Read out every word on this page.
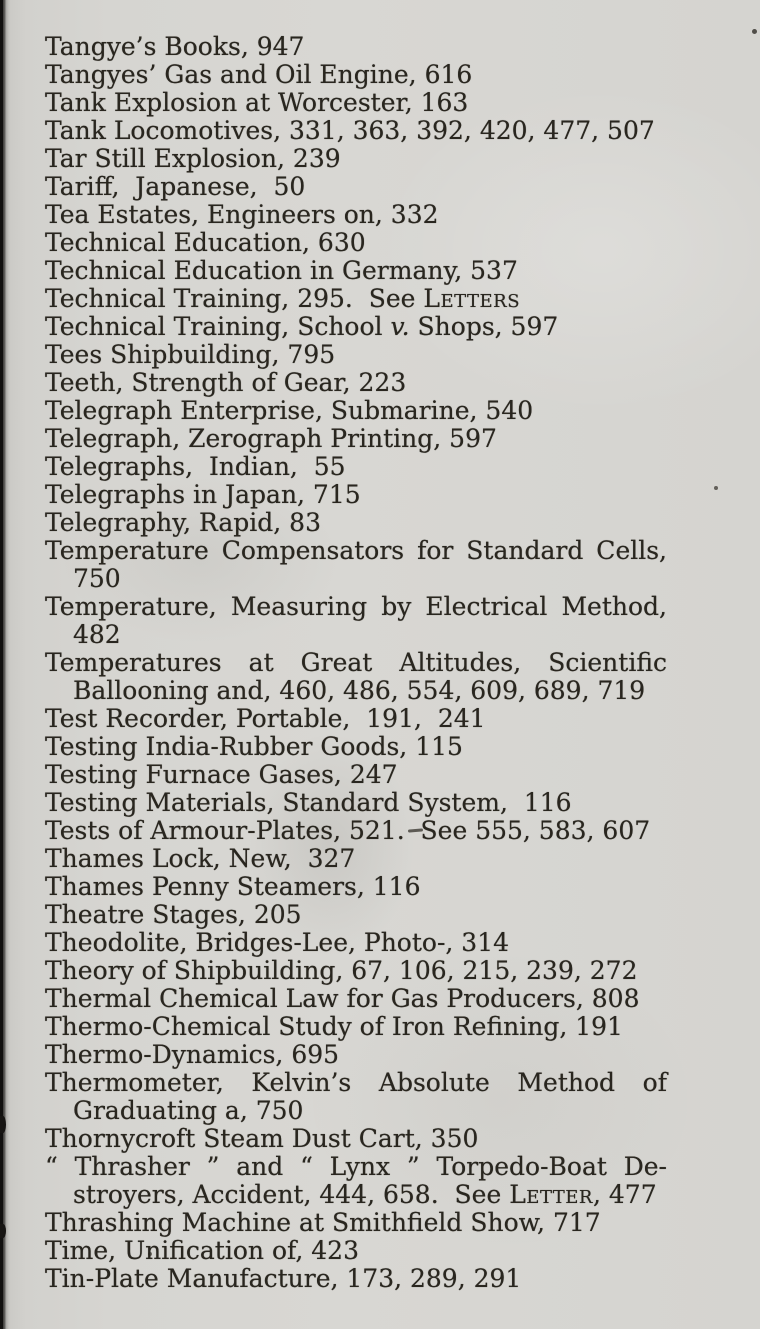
Tangye’s Books, 947

Tangyes’ Gas and Oil Engine, 616

Tank Explosion at Worcester, 163

Tank Locomotives, 331, 363, 392, 420, 477, 507

Tar Still Explosion, 239

Tariff,  Japanese,  50

Tea Estates, Engineers on, 332

Technical Education, 630

Technical Education in Germany, 537

Technical Training, 295.  See Letters

Technical Training, School v. Shops, 597

Tees Shipbuilding, 795

Teeth, Strength of Gear, 223

Telegraph Enterprise, Submarine, 540

Telegraph, Zerograph Printing, 597

Telegraphs,  Indian,  55

Telegraphs in Japan, 715

Telegraphy, Rapid, 83

Temperature Compensators for Standard Cells,
750

Temperature, Measuring by Electrical Method,
482

Temperatures at Great Altitudes, Scientific
Ballooning and, 460, 486, 554, 609, 689, 719

Test Recorder, Portable,  191,  241

Testing India-Rubber Goods, 115

Testing Furnace Gases, 247

Testing Materials, Standard System,  116

Tests of Armour-Plates, 521.  See 555, 583, 607

Thames Lock, New,  327

Thames Penny Steamers, 116

Theatre Stages, 205

Theodolite, Bridges-Lee, Photo-, 314

Theory of Shipbuilding, 67, 106, 215, 239, 272

Thermal Chemical Law for Gas Producers, 808

Thermo-Chemical Study of Iron Refining, 191

Thermo-Dynamics, 695

Thermometer, Kelvin’s Absolute Method of
Graduating a, 750

Thornycroft Steam Dust Cart, 350

“ Thrasher ” and “ Lynx ” Torpedo-Boat De-
stroyers, Accident, 444, 658.  See Letter, 477

Thrashing Machine at Smithfield Show, 717

Time, Unification of, 423

Tin-Plate Manufacture, 173, 289, 291
